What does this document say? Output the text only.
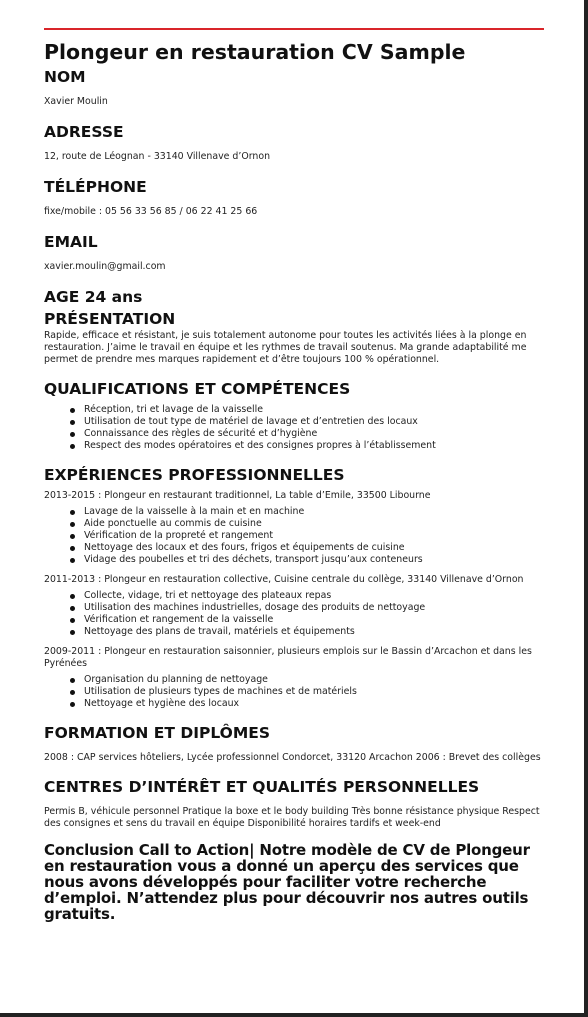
Plongeur en restauration CV Sample
NOM

Xavier Moulin

ADRESSE

12, route de Léognan - 33140 Villenave d’Ornon

TÉLÉPHONE

fixe/mobile : 05 56 33 56 85 / 06 22 41 25 66

EMAIL

xavier.moulin@gmail.com

AGE 24 ans
PRÉSENTATION

Rapide, efficace et résistant, je suis totalement autonome pour toutes les activités liées à la plonge en restauration. J’aime le travail en équipe et les rythmes de travail soutenus. Ma grande adaptabilité me permet de prendre mes marques rapidement et d’être toujours 100 % opérationnel.

QUALIFICATIONS ET COMPÉTENCES
Réception, tri et lavage de la vaisselle
Utilisation de tout type de matériel de lavage et d’entretien des locaux
Connaissance des règles de sécurité et d’hygiène
Respect des modes opératoires et des consignes propres à l’établissement
EXPÉRIENCES PROFESSIONNELLES

2013-2015 : Plongeur en restaurant traditionnel, La table d’Emile, 33500 Libourne

Lavage de la vaisselle à la main et en machine
Aide ponctuelle au commis de cuisine
Vérification de la propreté et rangement
Nettoyage des locaux et des fours, frigos et équipements de cuisine
Vidage des poubelles et tri des déchets, transport jusqu’aux conteneurs

2011-2013 : Plongeur en restauration collective, Cuisine centrale du collège, 33140 Villenave d’Ornon

Collecte, vidage, tri et nettoyage des plateaux repas
Utilisation des machines industrielles, dosage des produits de nettoyage
Vérification et rangement de la vaisselle
Nettoyage des plans de travail, matériels et équipements

2009-2011 : Plongeur en restauration saisonnier, plusieurs emplois sur le Bassin d’Arcachon et dans les Pyrénées

Organisation du planning de nettoyage
Utilisation de plusieurs types de machines et de matériels
Nettoyage et hygiène des locaux
FORMATION ET DIPLÔMES

2008 : CAP services hôteliers, Lycée professionnel Condorcet, 33120 Arcachon 2006 : Brevet des collèges

CENTRES D’INTÉRÊT ET QUALITÉS PERSONNELLES

Permis B, véhicule personnel Pratique la boxe et le body building Très bonne résistance physique Respect des consignes et sens du travail en équipe Disponibilité horaires tardifs et week-end

Conclusion Call to Action| Notre modèle de CV de Plongeur en restauration vous a donné un aperçu des services que nous avons développés pour faciliter votre recherche d’emploi. N’attendez plus pour découvrir nos autres outils gratuits.
